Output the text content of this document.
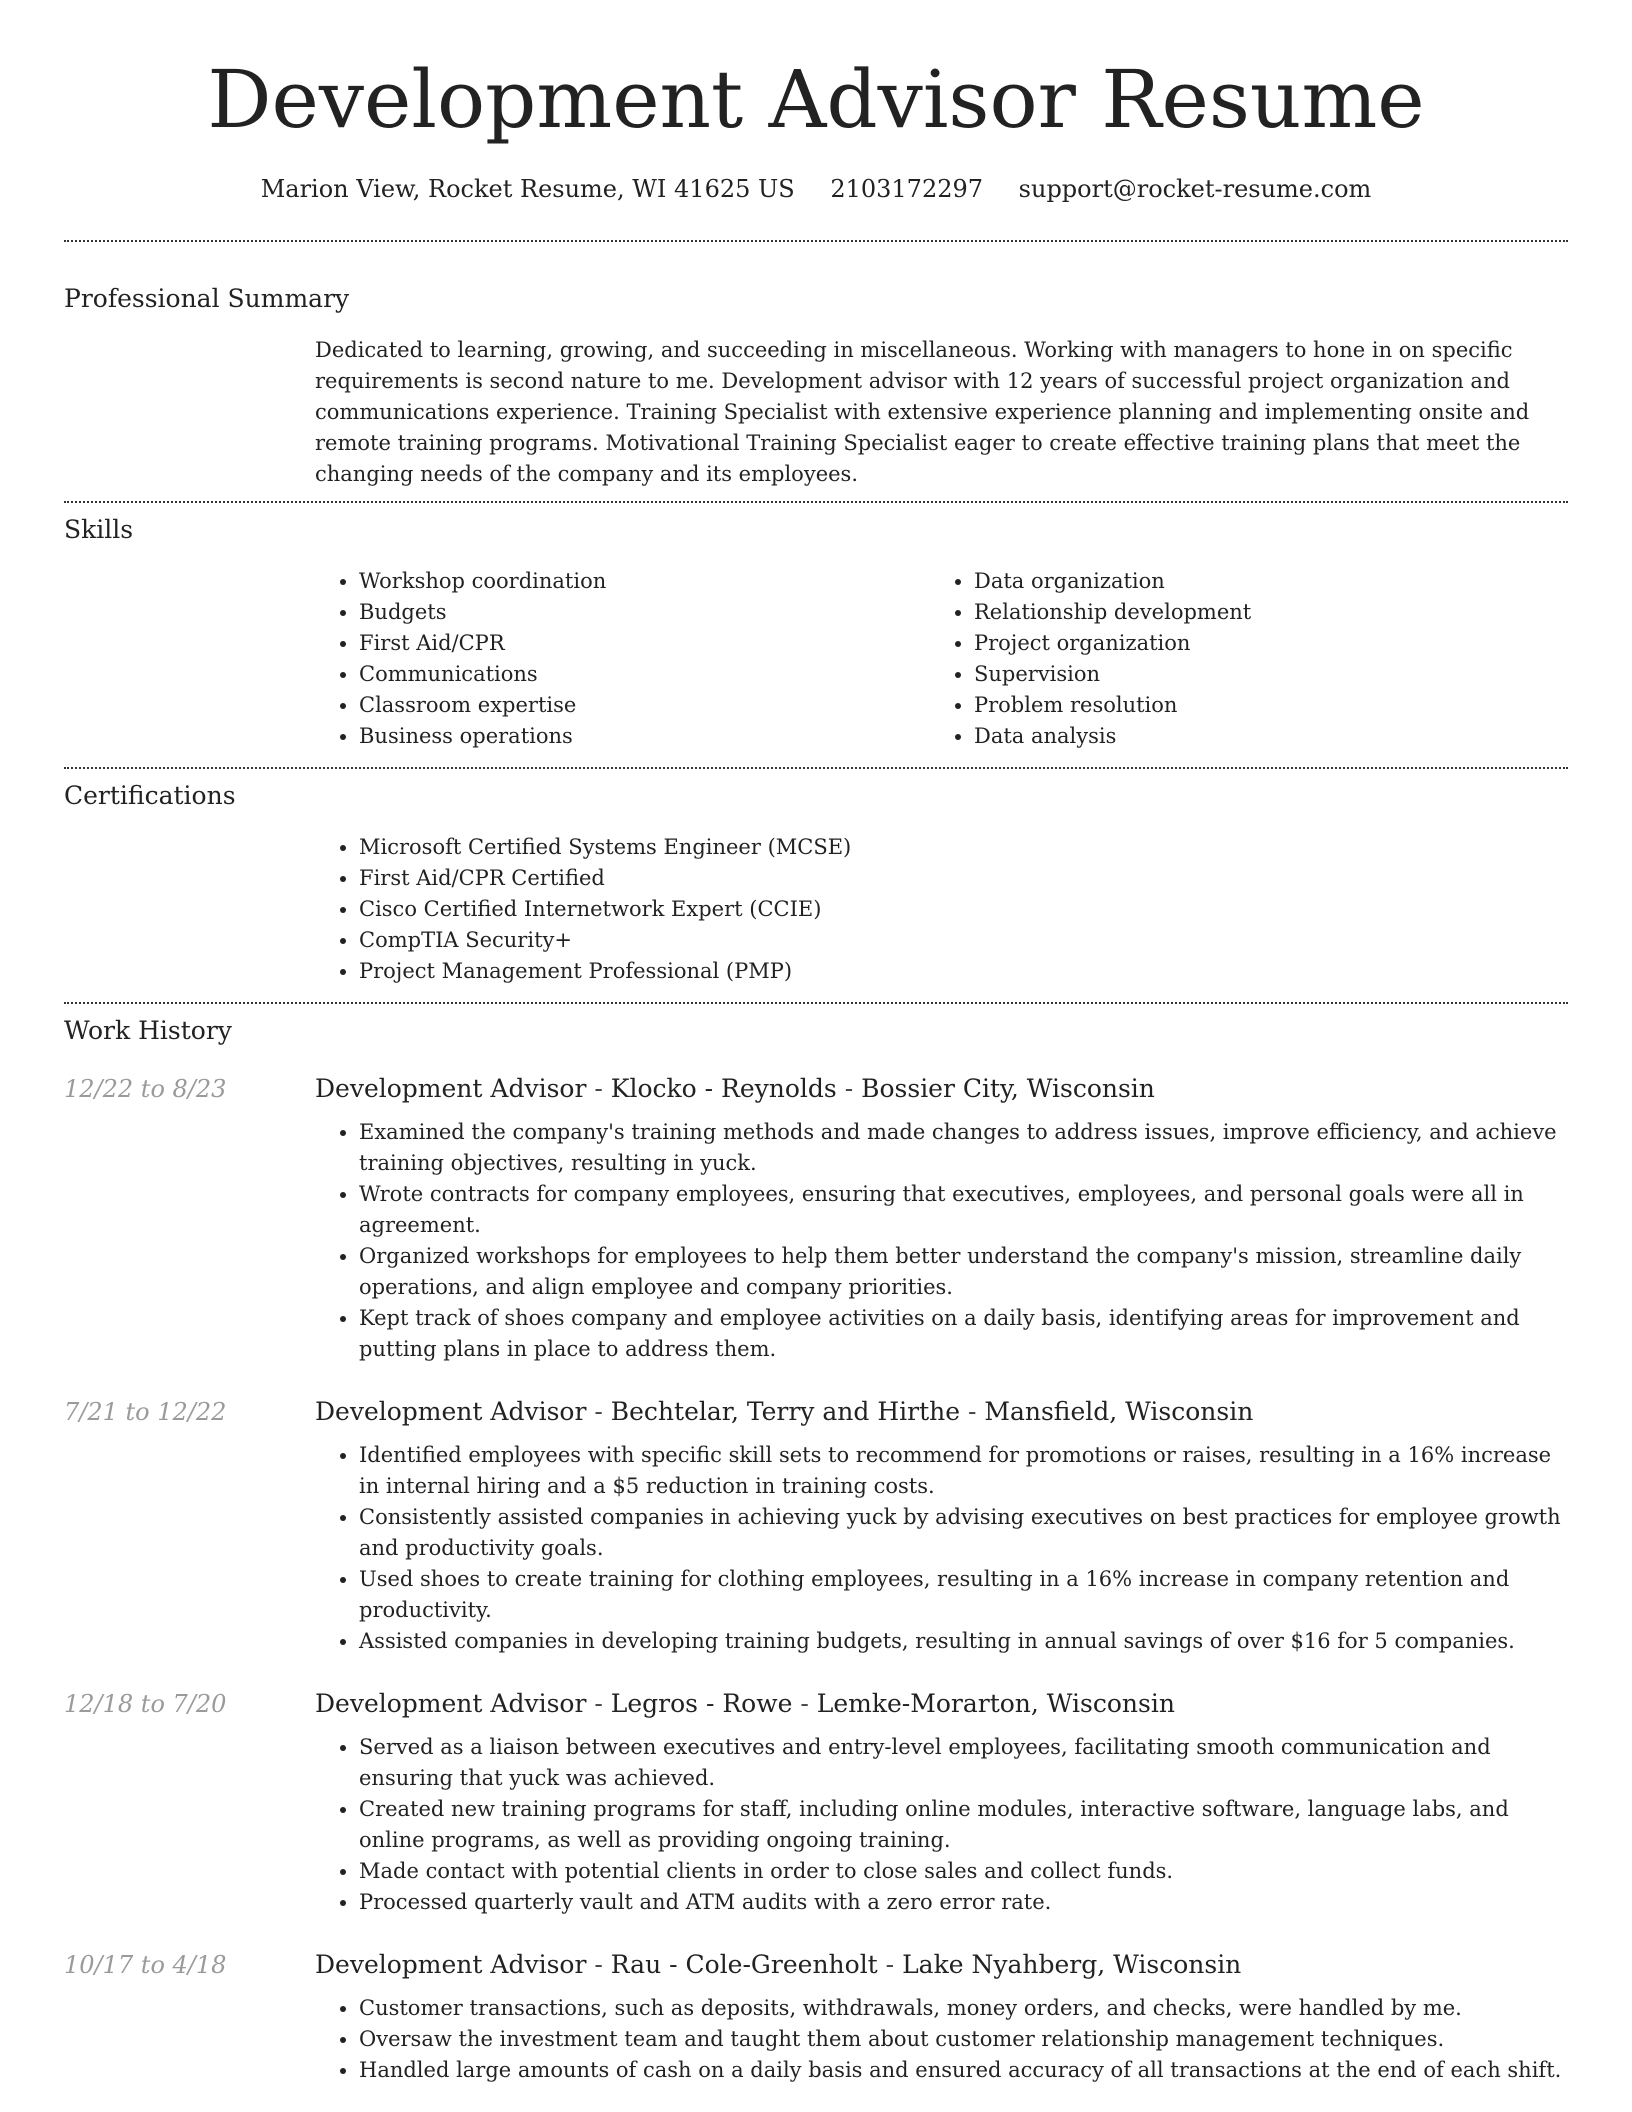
Development Advisor Resume
Marion View, Rocket Resume, WI 41625 US 2103172297 support@rocket-resume.com
Professional Summary

Dedicated to learning, growing, and succeeding in miscellaneous. Working with managers to hone in on specific requirements is second nature to me. Development advisor with 12 years of successful project organization and communications experience. Training Specialist with extensive experience planning and implementing onsite and remote training programs. Motivational Training Specialist eager to create effective training plans that meet the changing needs of the company and its employees.

Skills
• Workshop coordination
• Budgets
• First Aid/CPR
• Communications
• Classroom expertise
• Business operations
• Data organization
• Relationship development
• Project organization
• Supervision
• Problem resolution
• Data analysis
Certifications
• Microsoft Certified Systems Engineer (MCSE)
• First Aid/CPR Certified
• Cisco Certified Internetwork Expert (CCIE)
• CompTIA Security+
• Project Management Professional (PMP)
Work History
12/22 to 8/23	Development Advisor - Klocko - Reynolds - Bossier City, Wisconsin
• Examined the company's training methods and made changes to address issues, improve efficiency, and achieve training objectives, resulting in yuck.
• Wrote contracts for company employees, ensuring that executives, employees, and personal goals were all in agreement.
• Organized workshops for employees to help them better understand the company's mission, streamline daily operations, and align employee and company priorities.
• Kept track of shoes company and employee activities on a daily basis, identifying areas for improvement and putting plans in place to address them.
7/21 to 12/22	Development Advisor - Bechtelar, Terry and Hirthe - Mansfield, Wisconsin
• Identified employees with specific skill sets to recommend for promotions or raises, resulting in a 16% increase in internal hiring and a $5 reduction in training costs.
• Consistently assisted companies in achieving yuck by advising executives on best practices for employee growth and productivity goals.
• Used shoes to create training for clothing employees, resulting in a 16% increase in company retention and productivity.
• Assisted companies in developing training budgets, resulting in annual savings of over $16 for 5 companies.
12/18 to 7/20	Development Advisor - Legros - Rowe - Lemke-Morarton, Wisconsin
• Served as a liaison between executives and entry-level employees, facilitating smooth communication and ensuring that yuck was achieved.
• Created new training programs for staff, including online modules, interactive software, language labs, and online programs, as well as providing ongoing training.
• Made contact with potential clients in order to close sales and collect funds.
• Processed quarterly vault and ATM audits with a zero error rate.
10/17 to 4/18	Development Advisor - Rau - Cole-Greenholt - Lake Nyahberg, Wisconsin
• Customer transactions, such as deposits, withdrawals, money orders, and checks, were handled by me.
• Oversaw the investment team and taught them about customer relationship management techniques.
• Handled large amounts of cash on a daily basis and ensured accuracy of all transactions at the end of each shift.
